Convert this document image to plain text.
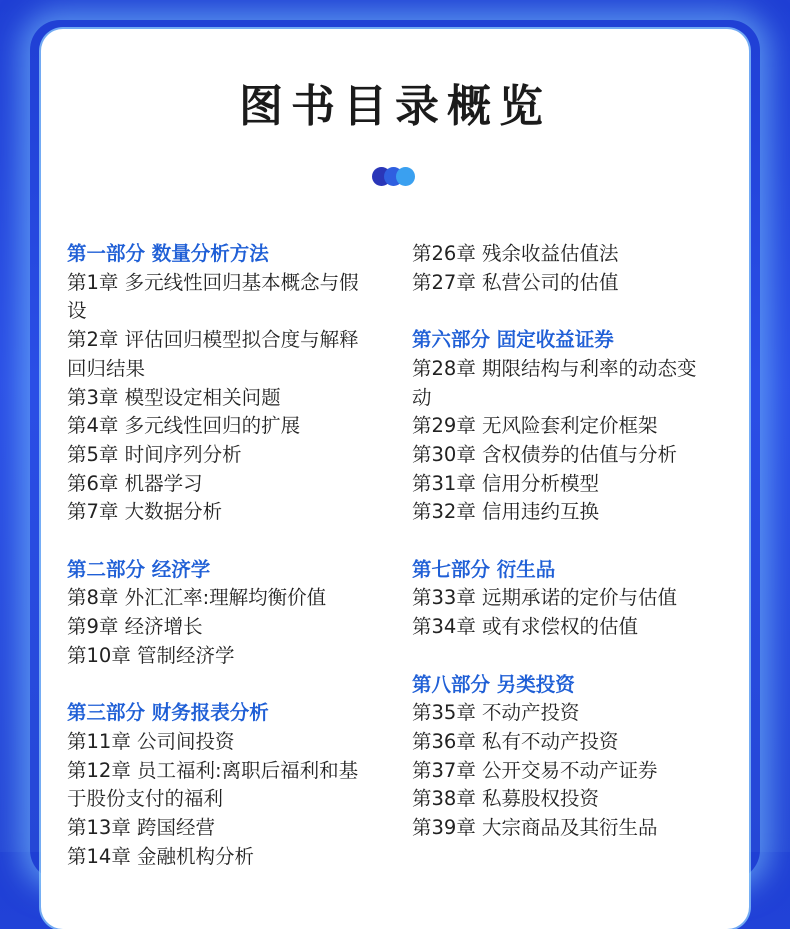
图书目录概览
第一部分 数量分析方法
第1章 多元线性回归基本概念与假
设
第2章 评估回归模型拟合度与解释
回归结果
第3章 模型设定相关问题
第4章 多元线性回归的扩展
第5章 时间序列分析
第6章 机器学习
第7章 大数据分析
第二部分 经济学
第8章 外汇汇率:理解均衡价值
第9章 经济增长
第10章 管制经济学
第三部分 财务报表分析
第11章 公司间投资
第12章 员工福利:离职后福利和基
于股份支付的福利
第13章 跨国经营
第14章 金融机构分析
第26章 残余收益估值法
第27章 私营公司的估值
第六部分 固定收益证券
第28章 期限结构与利率的动态变
动
第29章 无风险套利定价框架
第30章 含权债券的估值与分析
第31章 信用分析模型
第32章 信用违约互换
第七部分 衍生品
第33章 远期承诺的定价与估值
第34章 或有求偿权的估值
第八部分 另类投资
第35章 不动产投资
第36章 私有不动产投资
第37章 公开交易不动产证券
第38章 私募股权投资
第39章 大宗商品及其衍生品
